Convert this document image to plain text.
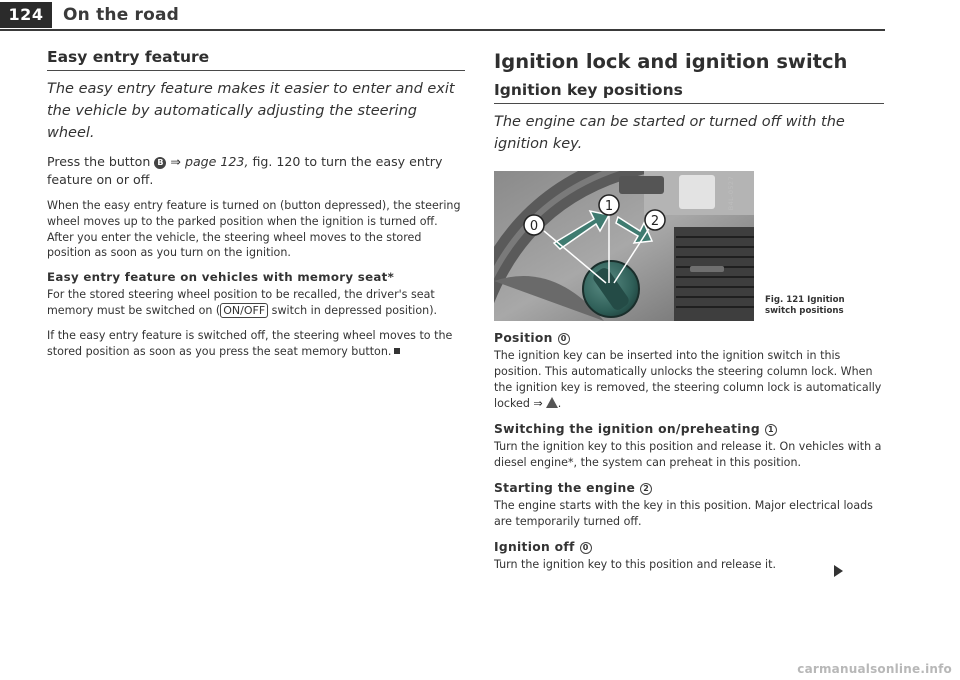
124	On the road
Easy entry feature

The easy entry feature makes it easier to enter and exit the vehicle by automatically adjusting the steering wheel.

Press the button B ⇒ page 123, fig. 120 to turn the easy entry feature on or off.

When the easy entry feature is turned on (button depressed), the steering wheel moves up to the parked position when the ignition is turned off. After you enter the vehicle, the steering wheel moves to the stored position as soon as you turn on the ignition.

Easy entry feature on vehicles with memory seat*

For the stored steering wheel position to be recalled, the driver's seat memory must be switched on ( ON/OFF switch in depressed position).

If the easy entry feature is switched off, the steering wheel moves to the stored position as soon as you press the seat memory button.

Ignition lock and ignition switch
Ignition key positions

The engine can be started or turned off with the ignition key.

0
1
2
B4L-0527
Fig. 121 Ignition switch positions

Position 0

The ignition key can be inserted into the ignition switch in this position. This automatically unlocks the steering column lock. When the ignition key is removed, the steering column lock is automatically locked ⇒ .

Switching the ignition on/preheating 1

Turn the ignition key to this position and release it. On vehicles with a diesel engine*, the system can preheat in this position.

Starting the engine 2

The engine starts with the key in this position. Major electrical loads are temporarily turned off.

Ignition off 0

Turn the ignition key to this position and release it.

carmanualsonline.info
